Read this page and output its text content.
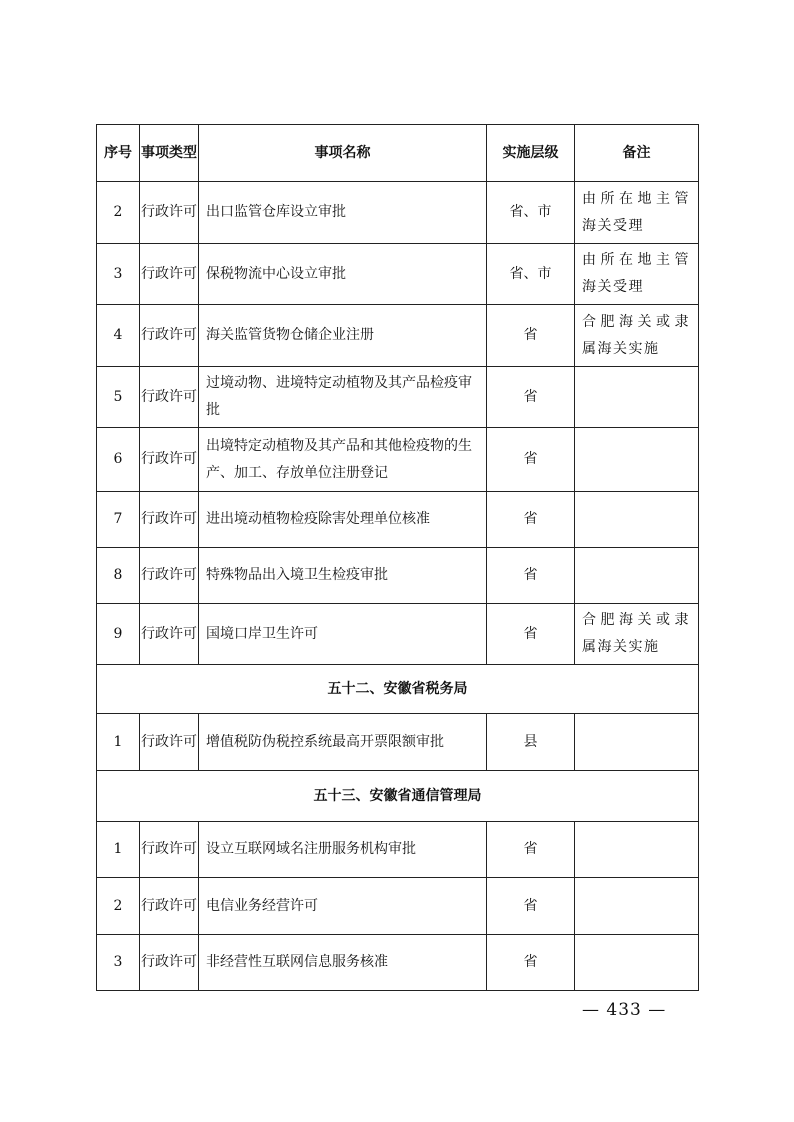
序号	事项类型	事项名称	实施层级	备注
2	行政许可	出口监管仓库设立审批	省、市	由所在地主管海关受理
3	行政许可	保税物流中心设立审批	省、市	由所在地主管海关受理
4	行政许可	海关监管货物仓储企业注册	省	合肥海关或隶属海关实施
5	行政许可	过境动物、进境特定动植物及其产品检疫审批	省	
6	行政许可	出境特定动植物及其产品和其他检疫物的生产、加工、存放单位注册登记	省	
7	行政许可	进出境动植物检疫除害处理单位核准	省	
8	行政许可	特殊物品出入境卫生检疫审批	省	
9	行政许可	国境口岸卫生许可	省	合肥海关或隶属海关实施
五十二、安徽省税务局				
1	行政许可	增值税防伪税控系统最高开票限额审批	县	
五十三、安徽省通信管理局				
1	行政许可	设立互联网域名注册服务机构审批	省	
2	行政许可	电信业务经营许可	省	
3	行政许可	非经营性互联网信息服务核准	省	
— 433 —
